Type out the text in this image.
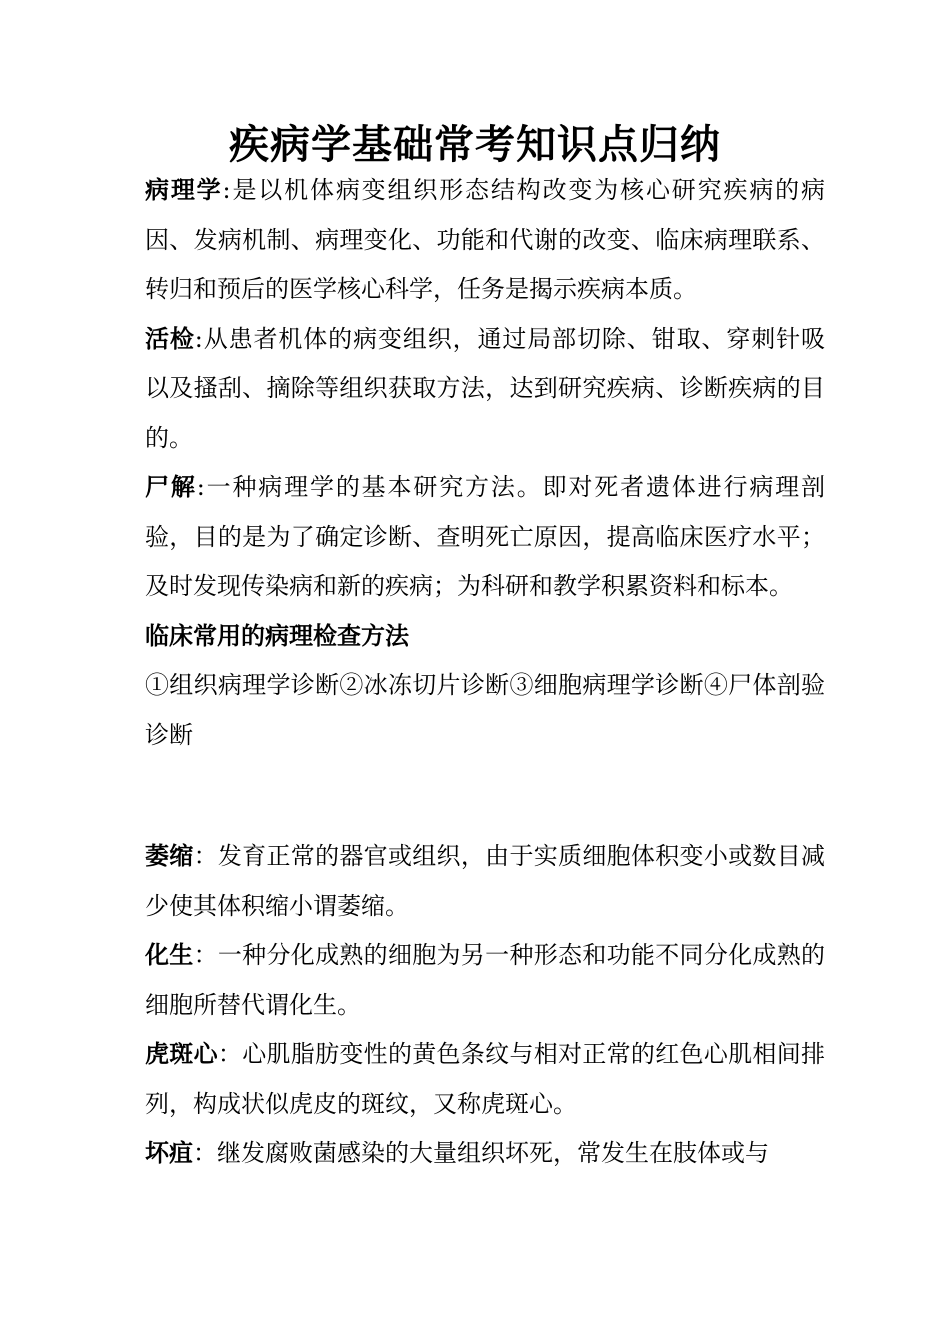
疾病学基础常考知识点归纳

病理学:是以机体病变组织形态结构改变为核心研究疾病的病因、发病机制、病理变化、功能和代谢的改变、临床病理联系、转归和预后的医学核心科学，任务是揭示疾病本质。

活检:从患者机体的病变组织，通过局部切除、钳取、穿刺针吸以及搔刮、摘除等组织获取方法，达到研究疾病、诊断疾病的目的。

尸解:一种病理学的基本研究方法。即对死者遗体进行病理剖验，目的是为了确定诊断、查明死亡原因，提高临床医疗水平；及时发现传染病和新的疾病；为科研和教学积累资料和标本。

临床常用的病理检查方法

①组织病理学诊断②冰冻切片诊断③细胞病理学诊断④尸体剖验诊断

萎缩：发育正常的器官或组织，由于实质细胞体积变小或数目减少使其体积缩小谓萎缩。

化生：一种分化成熟的细胞为另一种形态和功能不同分化成熟的细胞所替代谓化生。

虎斑心：心肌脂肪变性的黄色条纹与相对正常的红色心肌相间排列，构成状似虎皮的斑纹，又称虎斑心。

坏疽：继发腐败菌感染的大量组织坏死，常发生在肢体或与
